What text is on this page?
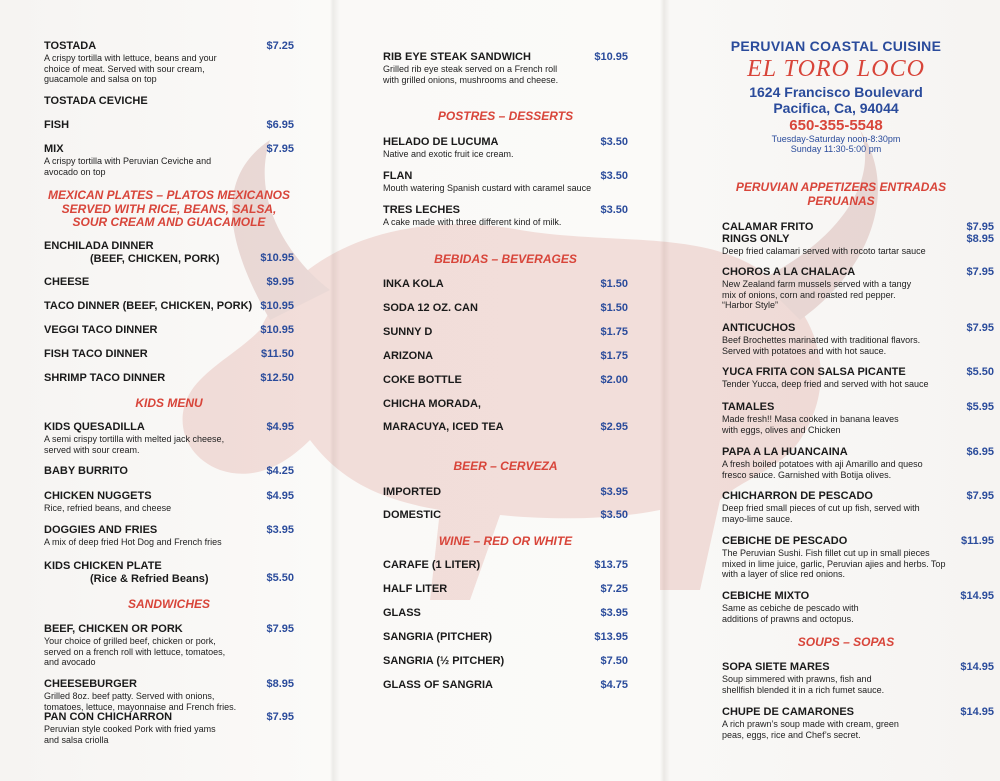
TOSTADA	$7.25
A crispy tortilla with lettuce, beans and your choice of meat. Served with sour cream, guacamole and salsa on top
TOSTADA CEVICHE
FISH	$6.95
MIX	$7.95
A crispy tortilla with Peruvian Ceviche and avocado on top
MEXICAN PLATES – PLATOS MEXICANOS SERVED WITH RICE, BEANS, SALSA, SOUR CREAM AND GUACAMOLE
ENCHILADA DINNER
(BEEF, CHICKEN, PORK)	$10.95
CHEESE	$9.95
TACO DINNER (BEEF, CHICKEN, PORK) $10.95
VEGGI TACO DINNER	$10.95
FISH TACO DINNER	$11.50
SHRIMP TACO DINNER	$12.50
KIDS MENU
KIDS QUESADILLA	$4.95
A semi crispy tortilla with melted jack cheese, served with sour cream.
BABY BURRITO	$4.25
CHICKEN NUGGETS	$4.95
Rice, refried beans, and cheese
DOGGIES AND FRIES	$3.95
A mix of deep fried Hot Dog and French fries
KIDS CHICKEN PLATE
(Rice & Refried Beans)	$5.50
SANDWICHES
BEEF, CHICKEN OR PORK	$7.95
Your choice of grilled beef, chicken or pork, served on a french roll with lettuce, tomatoes, and avocado
CHEESEBURGER	$8.95
Grilled 8oz. beef patty. Served with onions, tomatoes, lettuce, mayonnaise and French fries.
PAN CON CHICHARRON	$7.95
Peruvian style cooked Pork with fried yams and salsa criolla
RIB EYE STEAK SANDWICH	$10.95
Grilled rib eye steak served on a French roll with grilled onions, mushrooms and cheese.
POSTRES – DESSERTS
HELADO DE LUCUMA	$3.50
Native and exotic fruit ice cream.
FLAN	$3.50
Mouth watering Spanish custard with caramel sauce
TRES LECHES	$3.50
A cake made with three different kind of milk.
BEBIDAS – BEVERAGES
INKA KOLA	$1.50
SODA 12 OZ. CAN	$1.50
SUNNY D	$1.75
ARIZONA	$1.75
COKE BOTTLE	$2.00
CHICHA MORADA,
MARACUYA, ICED TEA	$2.95
BEER – CERVEZA
IMPORTED	$3.95
DOMESTIC	$3.50
WINE – RED OR WHITE
CARAFE (1 LITER)	$13.75
HALF LITER	$7.25
GLASS	$3.95
SANGRIA (PITCHER)	$13.95
SANGRIA (½ PITCHER)	$7.50
GLASS OF SANGRIA	$4.75
PERUVIAN COASTAL CUISINE
EL TORO LOCO
1624 Francisco Boulevard
Pacifica, Ca, 94044
650-355-5548
Tuesday-Saturday noon-8:30pm
Sunday 11:30-5:00 pm
PERUVIAN APPETIZERS ENTRADAS PERUANAS
CALAMAR FRITO	$7.95
RINGS ONLY	$8.95
Deep fried calamari served with rocoto tartar sauce
CHOROS A LA CHALACA	$7.95
New Zealand farm mussels served with a tangy mix of onions, corn and roasted red pepper. “Harbor Style”
ANTICUCHOS	$7.95
Beef Brochettes marinated with traditional flavors. Served with potatoes and with hot sauce.
YUCA FRITA CON SALSA PICANTE	$5.50
Tender Yucca, deep fried and served with hot sauce
TAMALES	$5.95
Made fresh!! Masa cooked in banana leaves with eggs, olives and Chicken
PAPA A LA HUANCAINA	$6.95
A fresh boiled potatoes with aji Amarillo and queso fresco sauce. Garnished with Botija olives.
CHICHARRON DE PESCADO	$7.95
Deep fried small pieces of cut up fish, served with mayo-lime sauce.
CEBICHE DE PESCADO	$11.95
The Peruvian Sushi. Fish fillet cut up in small pieces mixed in lime juice, garlic, Peruvian ajies and herbs. Top with a layer of slice red onions.
CEBICHE MIXTO	$14.95
Same as cebiche de pescado with additions of prawns and octopus.
SOUPS – SOPAS
SOPA SIETE MARES	$14.95
Soup simmered with prawns, fish and shellfish blended it in a rich fumet sauce.
CHUPE DE CAMARONES	$14.95
A rich prawn’s soup made with cream, green peas, eggs, rice and Chef’s secret.
